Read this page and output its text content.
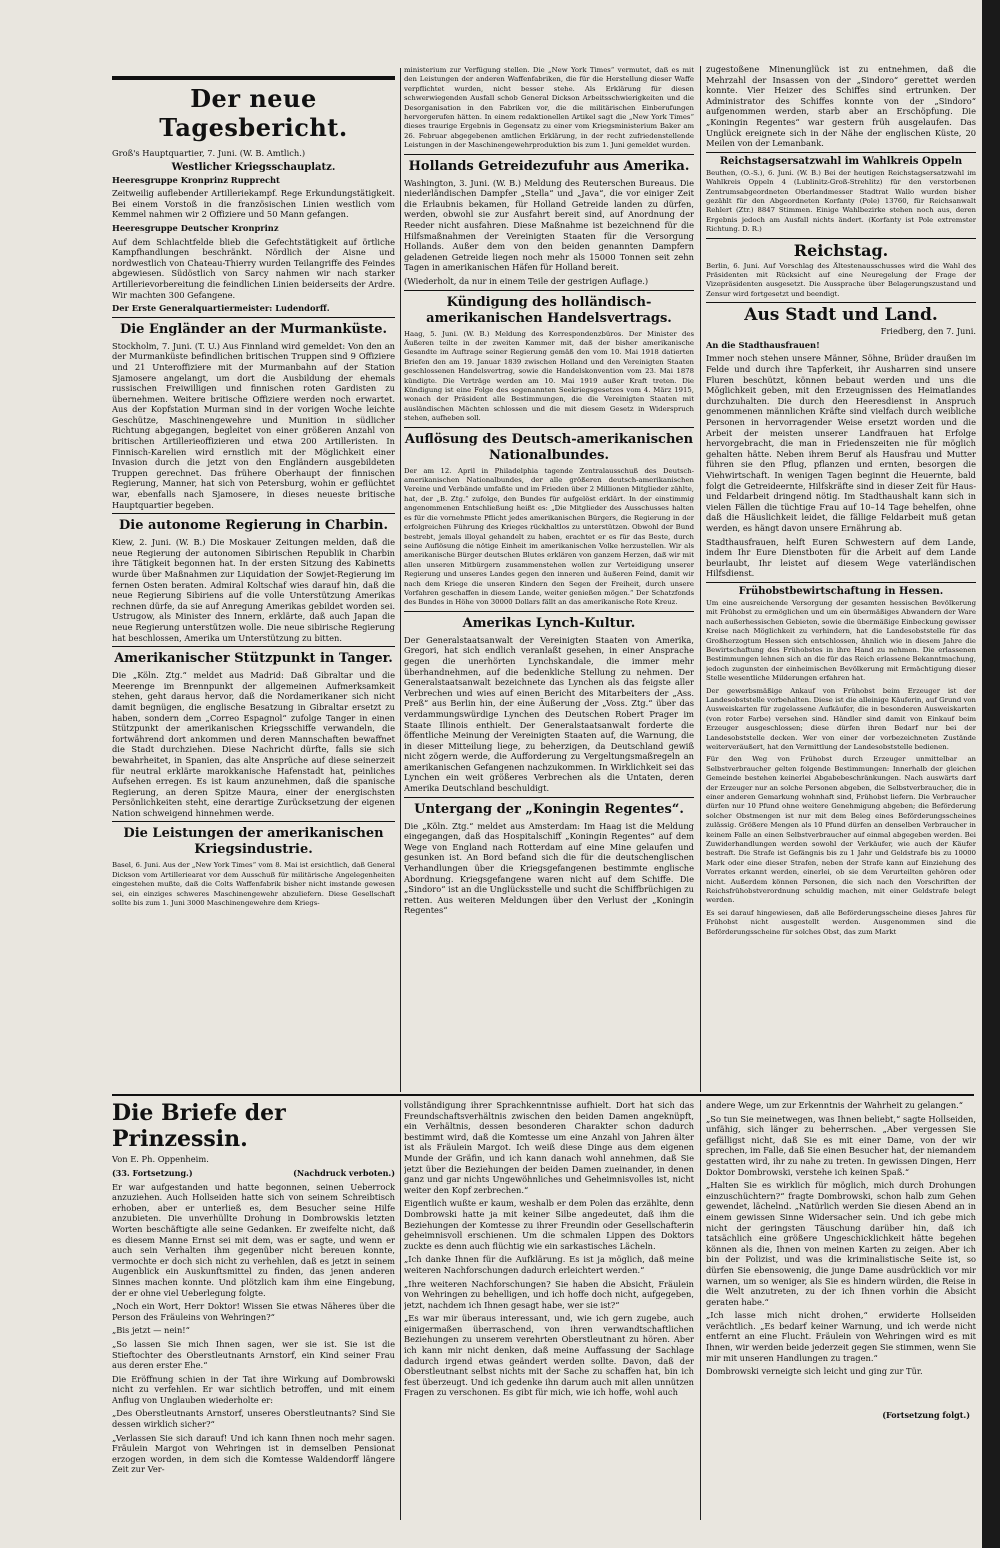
Der neue Tagesbericht.

Groß's Hauptquartier, 7. Juni. (W. B. Amtlich.)

Westlicher Kriegsschauplatz.

Heeresgruppe Kronprinz Rupprecht

Zeitweilig auflebender Artilleriekampf. Rege Erkundungstätigkeit. Bei einem Vorstoß in die französischen Linien westlich vom Kemmel nahmen wir 2 Offiziere und 50 Mann gefangen.

Heeresgruppe Deutscher Kronprinz

Auf dem Schlachtfelde blieb die Gefechtstätigkeit auf örtliche Kampfhandlungen beschränkt. Nördlich der Aisne und nordwestlich von Chateau-Thierry wurden Teilangriffe des Feindes abgewiesen. Südöstlich von Sarcy nahmen wir nach starker Artillerievorbereitung die feindlichen Linien beiderseits der Ardre. Wir machten 300 Gefangene.

Der Erste Generalquartiermeister: Ludendorff.

Die Engländer an der Murmanküste.

Stockholm, 7. Juni. (T. U.) Aus Finnland wird gemeldet: Von den an der Murmanküste befindlichen britischen Truppen sind 9 Offiziere und 21 Unteroffiziere mit der Murmanbahn auf der Station Sjamosere angelangt, um dort die Ausbildung der ehemals russischen Freiwilligen und finnischen roten Gardisten zu übernehmen. Weitere britische Offiziere werden noch erwartet. Aus der Kopfstation Murman sind in der vorigen Woche leichte Geschütze, Maschinengewehre und Munition in südlicher Richtung abgegangen, begleitet von einer größeren Anzahl von britischen Artillerieoffizieren und etwa 200 Artilleristen. In Finnisch-Karelien wird ernstlich mit der Möglichkeit einer Invasion durch die jetzt von den Engländern ausgebildeten Truppen gerechnet. Das frühere Oberhaupt der finnischen Regierung, Manner, hat sich von Petersburg, wohin er geflüchtet war, ebenfalls nach Sjamosere, in dieses neueste britische Hauptquartier begeben.

Die autonome Regierung in Charbin.

Kiew, 2. Juni. (W. B.) Die Moskauer Zeitungen melden, daß die neue Regierung der autonomen Sibirischen Republik in Charbin ihre Tätigkeit begonnen hat. In der ersten Sitzung des Kabinetts wurde über Maßnahmen zur Liquidation der Sowjet-Regierung im fernen Osten beraten. Admiral Koltschaf wies darauf hin, daß die neue Regierung Sibiriens auf die volle Unterstützung Amerikas rechnen dürfe, da sie auf Anregung Amerikas gebildet worden sei. Ustrugow, als Minister des Innern, erklärte, daß auch Japan die neue Regierung unterstützen wolle. Die neue sibirische Regierung hat beschlossen, Amerika um Unterstützung zu bitten.

Amerikanischer Stützpunkt in Tanger.

Die „Köln. Ztg.“ meldet aus Madrid: Daß Gibraltar und die Meerenge im Brennpunkt der allgemeinen Aufmerksamkeit stehen, geht daraus hervor, daß die Nordamerikaner sich nicht damit begnügen, die englische Besatzung in Gibraltar ersetzt zu haben, sondern dem „Correo Espagnol“ zufolge Tanger in einen Stützpunkt der amerikanischen Kriegsschiffe verwandeln, die fortwährend dort ankommen und deren Mannschaften bewaffnet die Stadt durchziehen. Diese Nachricht dürfte, falls sie sich bewahrheitet, in Spanien, das alte Ansprüche auf diese seinerzeit für neutral erklärte marokkanische Hafenstadt hat, peinliches Aufsehen erregen. Es ist kaum anzunehmen, daß die spanische Regierung, an deren Spitze Maura, einer der energischsten Persönlichkeiten steht, eine derartige Zurücksetzung der eigenen Nation schweigend hinnehmen werde.

Die Leistungen der amerikanischen Kriegsindustrie.

Basel, 6. Juni. Aus der „New York Times“ vom 8. Mai ist ersichtlich, daß General Dickson vom Artilleriearat vor dem Ausschuß für militärische Angelegenheiten eingestehen mußte, daß die Colts Waffenfabrik bisher nicht imstande gewesen sei, ein einziges schweres Maschinengewehr abzuliefern. Diese Gesellschaft sollte bis zum 1. Juni 3000 Maschinengewehre dem Kriegs-

ministerium zur Verfügung stellen. Die „New York Times“ vermutet, daß es mit den Leistungen der anderen Waffenfabriken, die für die Herstellung dieser Waffe verpflichtet wurden, nicht besser stehe. Als Erklärung für diesen schwerwiegenden Ausfall schob General Dickson Arbeitsschwierigkeiten und die Desorganisation in den Fabriken vor, die die militärischen Einberufungen hervorgerufen hätten. In einem redaktionellen Artikel sagt die „New York Times“ dieses traurige Ergebnis in Gegensatz zu einer vom Kriegsministerium Baker am 26. Februar abgegebenen amtlichen Erklärung, in der recht zufriedenstellende Leistungen in der Maschinengewehrproduktion bis zum 1. Juni gemeldet wurden.

Hollands Getreidezufuhr aus Amerika.

Washington, 3. Juni. (W. B.) Meldung des Reuterschen Bureaus. Die niederländischen Dampfer „Stella“ und „Java“, die vor einiger Zeit die Erlaubnis bekamen, für Holland Getreide landen zu dürfen, werden, obwohl sie zur Ausfahrt bereit sind, auf Anordnung der Reeder nicht ausfahren. Diese Maßnahme ist bezeichnend für die Hilfsmaßnahmen der Vereinigten Staaten für die Versorgung Hollands. Außer dem von den beiden genannten Dampfern geladenen Getreide liegen noch mehr als 15000 Tonnen seit zehn Tagen in amerikanischen Häfen für Holland bereit.

(Wiederholt, da nur in einem Teile der gestrigen Auflage.)

Kündigung des holländisch-amerikanischen Handelsvertrags.

Haag, 5. Juni. (W. B.) Meldung des Korrespondenzbüros. Der Minister des Äußeren teilte in der zweiten Kammer mit, daß der bisher amerikanische Gesandte im Auftrage seiner Regierung gemäß den vom 10. Mai 1918 datierten Briefen den am 19. Januar 1839 zwischen Holland und den Vereinigten Staaten geschlossenen Handelsvertrag, sowie die Handelskonvention vom 23. Mai 1878 kündigte. Die Verträge werden am 10. Mai 1919 außer Kraft treten. Die Kündigung ist eine Folge des sogenannten Seekriegsgesetzes vom 4. März 1915, wonach der Präsident alle Bestimmungen, die die Vereinigten Staaten mit ausländischen Mächten schlossen und die mit diesem Gesetz in Widerspruch stehen, aufheben soll.

Auflösung des Deutsch-amerikanischen Nationalbundes.

Der am 12. April in Philadelphia tagende Zentralausschuß des Deutsch-amerikanischen Nationalbundes, der alle größeren deutsch-amerikanischen Vereine und Verbände umfaßte und im Frieden über 2 Millionen Mitglieder zählte, hat, der „B. Ztg.“ zufolge, den Bundes für aufgelöst erklärt. In der einstimmig angenommenen Entschließung heißt es: „Die Mitglieder des Ausschusses halten es für die vornehmste Pflicht jedes amerikanischen Bürgers, die Regierung in der erfolgreichen Führung des Krieges rückhaltlos zu unterstützen. Obwohl der Bund bestrebt, jemals illoyal gehandelt zu haben, erachtet er es für das Beste, durch seine Auflösung die nötige Einheit im amerikanischen Volke herzustellen. Wir als amerikanische Bürger deutschen Blutes erklären von ganzem Herzen, daß wir mit allen unseren Mitbürgern zusammenstehen wollen zur Verteidigung unserer Regierung und unseres Landes gegen den inneren und äußeren Feind, damit wir nach dem Kriege die unseren Kindern den Segen der Freiheit, durch unsere Vorfahren geschaffen in diesem Lande, weiter genießen mögen.“ Der Schatzfonds des Bundes in Höhe von 30000 Dollars fällt an das amerikanische Rote Kreuz.

Amerikas Lynch-Kultur.

Der Generalstaatsanwalt der Vereinigten Staaten von Amerika, Gregori, hat sich endlich veranlaßt gesehen, in einer Ansprache gegen die unerhörten Lynchskandale, die immer mehr überhandnehmen, auf die bedenkliche Stellung zu nehmen. Der Generalstaatsanwalt bezeichnete das Lynchen als das feigste aller Verbrechen und wies auf einen Bericht des Mitarbeiters der „Ass. Preß“ aus Berlin hin, der eine Äußerung der „Voss. Ztg.“ über das verdammungswürdige Lynchen des Deutschen Robert Prager im Staate Illinois enthielt. Der Generalstaatsanwalt forderte die öffentliche Meinung der Vereinigten Staaten auf, die Warnung, die in dieser Mitteilung liege, zu beherzigen, da Deutschland gewiß nicht zögern werde, die Aufforderung zu Vergeltungsmaßregeln an amerikanischen Gefangenen nachzukommen. In Wirklichkeit sei das Lynchen ein weit größeres Verbrechen als die Untaten, deren Amerika Deutschland beschuldigt.

Untergang der „Koningin Regentes“.

Die „Köln. Ztg.“ meldet aus Amsterdam: Im Haag ist die Meldung eingegangen, daß das Hospitalschiff „Koningin Regentes“ auf dem Wege von England nach Rotterdam auf eine Mine gelaufen und gesunken ist. An Bord befand sich die für die deutschenglischen Verhandlungen über die Kriegsgefangenen bestimmte englische Abordnung. Kriegsgefangene waren nicht auf dem Schiffe. Die „Sindoro“ ist an die Unglücksstelle und sucht die Schiffbrüchigen zu retten. Aus weiteren Meldungen über den Verlust der „Koningin Regentes“

zugestoßene Minenunglück ist zu entnehmen, daß die Mehrzahl der Insassen von der „Sindoro“ gerettet werden konnte. Vier Heizer des Schiffes sind ertrunken. Der Administrator des Schiffes konnte von der „Sindoro“ aufgenommen werden, starb aber an Erschöpfung. Die „Koningin Regentes“ war gestern früh ausgelaufen. Das Unglück ereignete sich in der Nähe der englischen Küste, 20 Meilen von der Lemanbank.

Reichstagsersatzwahl im Wahlkreis Oppeln

Beuthen, (O.-S.), 6. Juni. (W. B.) Bei der heutigen Reichstagsersatzwahl im Wahlkreis Oppeln 4 (Lublinitz-Groß-Strehlitz) für den verstorbenen Zentrumsabgeordneten Oberlandmesser Stadtrat Wallo wurden bisher gezählt für den Abgeordneten Korfanty (Pole) 13760, für Reichsanwalt Rehlert (Ztr.) 8847 Stimmen. Einige Wahlbezirke stehen noch aus, deren Ergebnis jedoch am Ausfall nichts ändert. (Korfanty ist Pole extremster Richtung. D. R.)

Reichstag.

Berlin, 6. Juni. Auf Vorschlag des Ältestenausschusses wird die Wahl des Präsidenten mit Rücksicht auf eine Neuregelung der Frage der Vizepräsidenten ausgesetzt. Die Aussprache über Belagerungszustand und Zensur wird fortgesetzt und beendigt.

Aus Stadt und Land.

Friedberg, den 7. Juni.

An die Stadthausfrauen!

Immer noch stehen unsere Männer, Söhne, Brüder draußen im Felde und durch ihre Tapferkeit, ihr Ausharren sind unsere Fluren beschützt, können bebaut werden und uns die Möglichkeit geben, mit den Erzeugnissen des Heimatlandes durchzuhalten. Die durch den Heeresdienst in Anspruch genommenen männlichen Kräfte sind vielfach durch weibliche Personen in hervorragender Weise ersetzt worden und die Arbeit der meisten unserer Landfrauen hat Erfolge hervorgebracht, die man in Friedenszeiten nie für möglich gehalten hätte. Neben ihrem Beruf als Hausfrau und Mutter führen sie den Pflug, pflanzen und ernten, besorgen die Viehwirtschaft. In wenigen Tagen beginnt die Heuernte, bald folgt die Getreideernte, Hilfskräfte sind in dieser Zeit für Haus- und Feldarbeit dringend nötig. Im Stadthaushalt kann sich in vielen Fällen die tüchtige Frau auf 10–14 Tage behelfen, ohne daß die Häuslichkeit leidet, die fällige Feldarbeit muß getan werden, es hängt davon unsere Ernährung ab.

Stadthausfrauen, helft Euren Schwestern auf dem Lande, indem Ihr Eure Dienstboten für die Arbeit auf dem Lande beurlaubt, Ihr leistet auf diesem Wege vaterländischen Hilfsdienst.

Frühobstbewirtschaftung in Hessen.

Um eine ausreichende Versorgung der gesamten hessischen Bevölkerung mit Frühobst zu ermöglichen und um ein übermäßiges Abwandern der Ware nach außerhessischen Gebieten, sowie die übermäßige Einbeckung gewisser Kreise nach Möglichkeit zu verhindern, hat die Landesobststelle für das Großherzogtum Hessen sich entschlossen, ähnlich wie in diesem Jahre die Bewirtschaftung des Frühobstes in ihre Hand zu nehmen. Die erlassenen Bestimmungen lehnen sich an die für das Reich erlassene Bekanntmachung, jedoch zugunsten der einheimischen Bevölkerung mit Ermächtigung dieser Stelle wesentliche Milderungen erfahren hat.

Der gewerbsmäßige Ankauf von Frühobst beim Erzeuger ist der Landesobststelle vorbehalten. Diese ist die alleinige Käuferin, auf Grund von Ausweiskarten für zugelassene Aufkäufer, die in besonderen Ausweiskarten (von roter Farbe) versehen sind. Händler sind damit von Einkauf beim Erzeuger ausgeschlossen; diese dürfen ihren Bedarf nur bei der Landesobststelle decken. Wer von einer der vorbezeichneten Zustände weiterveräußert, hat den Vermittlung der Landesobststelle bedienen.

Für den Weg von Frühobst durch Erzeuger unmittelbar an Selbstverbraucher gelten folgende Bestimmungen: Innerhalb der gleichen Gemeinde bestehen keinerlei Abgabebeschränkungen. Nach auswärts darf der Erzeuger nur an solche Personen abgeben, die Selbstverbraucher, die in einer anderen Gemarkung wohnhaft sind, Frühobst liefern. Die Verbraucher dürfen nur 10 Pfund ohne weitere Genehmigung abgeben; die Beförderung solcher Obstmengen ist nur mit dem Beleg eines Beförderungsscheines zulässig. Größere Mengen als 10 Pfund dürfen an denselben Verbraucher in keinem Falle an einen Selbstverbraucher auf einmal abgegeben werden. Bei Zuwiderhandlungen werden sowohl der Verkäufer, wie auch der Käufer bestraft. Die Strafe ist Gefängnis bis zu 1 Jahr und Geldstrafe bis zu 10000 Mark oder eine dieser Strafen, neben der Strafe kann auf Einziehung des Vorrates erkannt werden, einerlei, ob sie dem Verurteilten gehören oder nicht. Außerdem können Personen, die sich nach den Vorschriften der Reichsfrühobstverordnung schuldig machen, mit einer Geldstrafe belegt werden.

Es sei darauf hingewiesen, daß alle Beförderungsscheine dieses Jahres für Frühobst nicht ausgestellt werden. Ausgenommen sind die Beförderungsscheine für solches Obst, das zum Markt

Die Briefe der Prinzessin.

Von E. Ph. Oppenheim.

(33. Fortsetzung.)	(Nachdruck verboten.)

Er war aufgestanden und hatte begonnen, seinen Ueberrock anzuziehen. Auch Hollseiden hatte sich von seinem Schreibtisch erhoben, aber er unterließ es, dem Besucher seine Hilfe anzubieten. Die unverhüllte Drohung in Dombrowskis letzten Worten beschäftigte alle seine Gedanken. Er zweifelte nicht, daß es diesem Manne Ernst sei mit dem, was er sagte, und wenn er auch sein Verhalten ihm gegenüber nicht bereuen konnte, vermochte er doch sich nicht zu verhehlen, daß es jetzt in seinem Augenblick ein Auskunftsmittel zu finden, das jenen anderen Sinnes machen konnte. Und plötzlich kam ihm eine Eingebung, der er ohne viel Ueberlegung folgte.

„Noch ein Wort, Herr Doktor! Wissen Sie etwas Näheres über die Person des Fräuleins von Wehringen?“

„Bis jetzt — nein!“

„So lassen Sie mich Ihnen sagen, wer sie ist. Sie ist die Stieftochter des Oberstleutnants Arnstorf, ein Kind seiner Frau aus deren erster Ehe.“

Die Eröffnung schien in der Tat ihre Wirkung auf Dombrowski nicht zu verfehlen. Er war sichtlich betroffen, und mit einem Anflug von Unglauben wiederholte er:

„Des Oberstleutnants Arnstorf, unseres Oberstleutnants? Sind Sie dessen wirklich sicher?“

„Verlassen Sie sich darauf! Und ich kann Ihnen noch mehr sagen. Fräulein Margot von Wehringen ist in demselben Pensionat erzogen worden, in dem sich die Komtesse Waldendorff längere Zeit zur Ver-

vollständigung ihrer Sprachkenntnisse aufhielt. Dort hat sich das Freundschaftsverhältnis zwischen den beiden Damen angeknüpft, ein Verhältnis, dessen besonderen Charakter schon dadurch bestimmt wird, daß die Komtesse um eine Anzahl von Jahren älter ist als Fräulein Margot. Ich weiß diese Dinge aus dem eigenen Munde der Gräfin, und ich kann danach wohl annehmen, daß Sie jetzt über die Beziehungen der beiden Damen zueinander, in denen ganz und gar nichts Ungewöhnliches und Geheimnisvolles ist, nicht weiter den Kopf zerbrechen.“

Eigentlich wußte er kaum, weshalb er dem Polen das erzählte, denn Dombrowski hatte ja mit keiner Silbe angedeutet, daß ihm die Beziehungen der Komtesse zu ihrer Freundin oder Gesellschafterin geheimnisvoll erschienen. Um die schmalen Lippen des Doktors zuckte es denn auch flüchtig wie ein sarkastisches Lächeln.

„Ich danke Ihnen für die Aufklärung. Es ist ja möglich, daß meine weiteren Nachforschungen dadurch erleichtert werden.“

„Ihre weiteren Nachforschungen? Sie haben die Absicht, Fräulein von Wehringen zu behelligen, und ich hoffe doch nicht, aufgegeben, jetzt, nachdem ich Ihnen gesagt habe, wer sie ist?“

„Es war mir überaus interessant, und, wie ich gern zugebe, auch einigermaßen überraschend, von ihren verwandtschaftlichen Beziehungen zu unserem verehrten Oberstleutnant zu hören. Aber ich kann mir nicht denken, daß meine Auffassung der Sachlage dadurch irgend etwas geändert werden sollte. Davon, daß der Oberstleutnant selbst nichts mit der Sache zu schaffen hat, bin ich fest überzeugt. Und ich gedenke ihn darum auch mit allen unnützen Fragen zu verschonen. Es gibt für mich, wie ich hoffe, wohl auch

andere Wege, um zur Erkenntnis der Wahrheit zu gelangen.“

„So tun Sie meinetwegen, was Ihnen beliebt,“ sagte Hollseiden, unfähig, sich länger zu beherrschen. „Aber vergessen Sie gefälligst nicht, daß Sie es mit einer Dame, von der wir sprechen, im Falle, daß Sie einen Besucher hat, der niemandem gestatten wird, ihr zu nahe zu treten. In gewissen Dingen, Herr Doktor Dombrowski, verstehe ich keinen Spaß.“

„Halten Sie es wirklich für möglich, mich durch Drohungen einzuschüchtern?“ fragte Dombrowski, schon halb zum Gehen gewendet, lächelnd. „Natürlich werden Sie diesen Abend an in einem gewissen Sinne Widersacher sein. Und ich gebe mich nicht der geringsten Täuschung darüber hin, daß ich tatsächlich eine größere Ungeschicklichkeit hätte begehen können als die, Ihnen von meinen Karten zu zeigen. Aber ich bin der Polizist, und was die kriminalistische Seite ist, so dürfen Sie ebensowenig, die junge Dame ausdrücklich vor mir warnen, um so weniger, als Sie es hindern würden, die Reise in die Welt anzutreten, zu der ich Ihnen vorhin die Absicht geraten habe.“

„Ich lasse mich nicht drohen,“ erwiderte Hollseiden verächtlich. „Es bedarf keiner Warnung, und ich werde nicht entfernt an eine Flucht. Fräulein von Wehringen wird es mit Ihnen, wir werden beide jederzeit gegen Sie stimmen, wenn Sie mir mit unseren Handlungen zu tragen.“

Dombrowski verneigte sich leicht und ging zur Tür.

(Fortsetzung folgt.)
